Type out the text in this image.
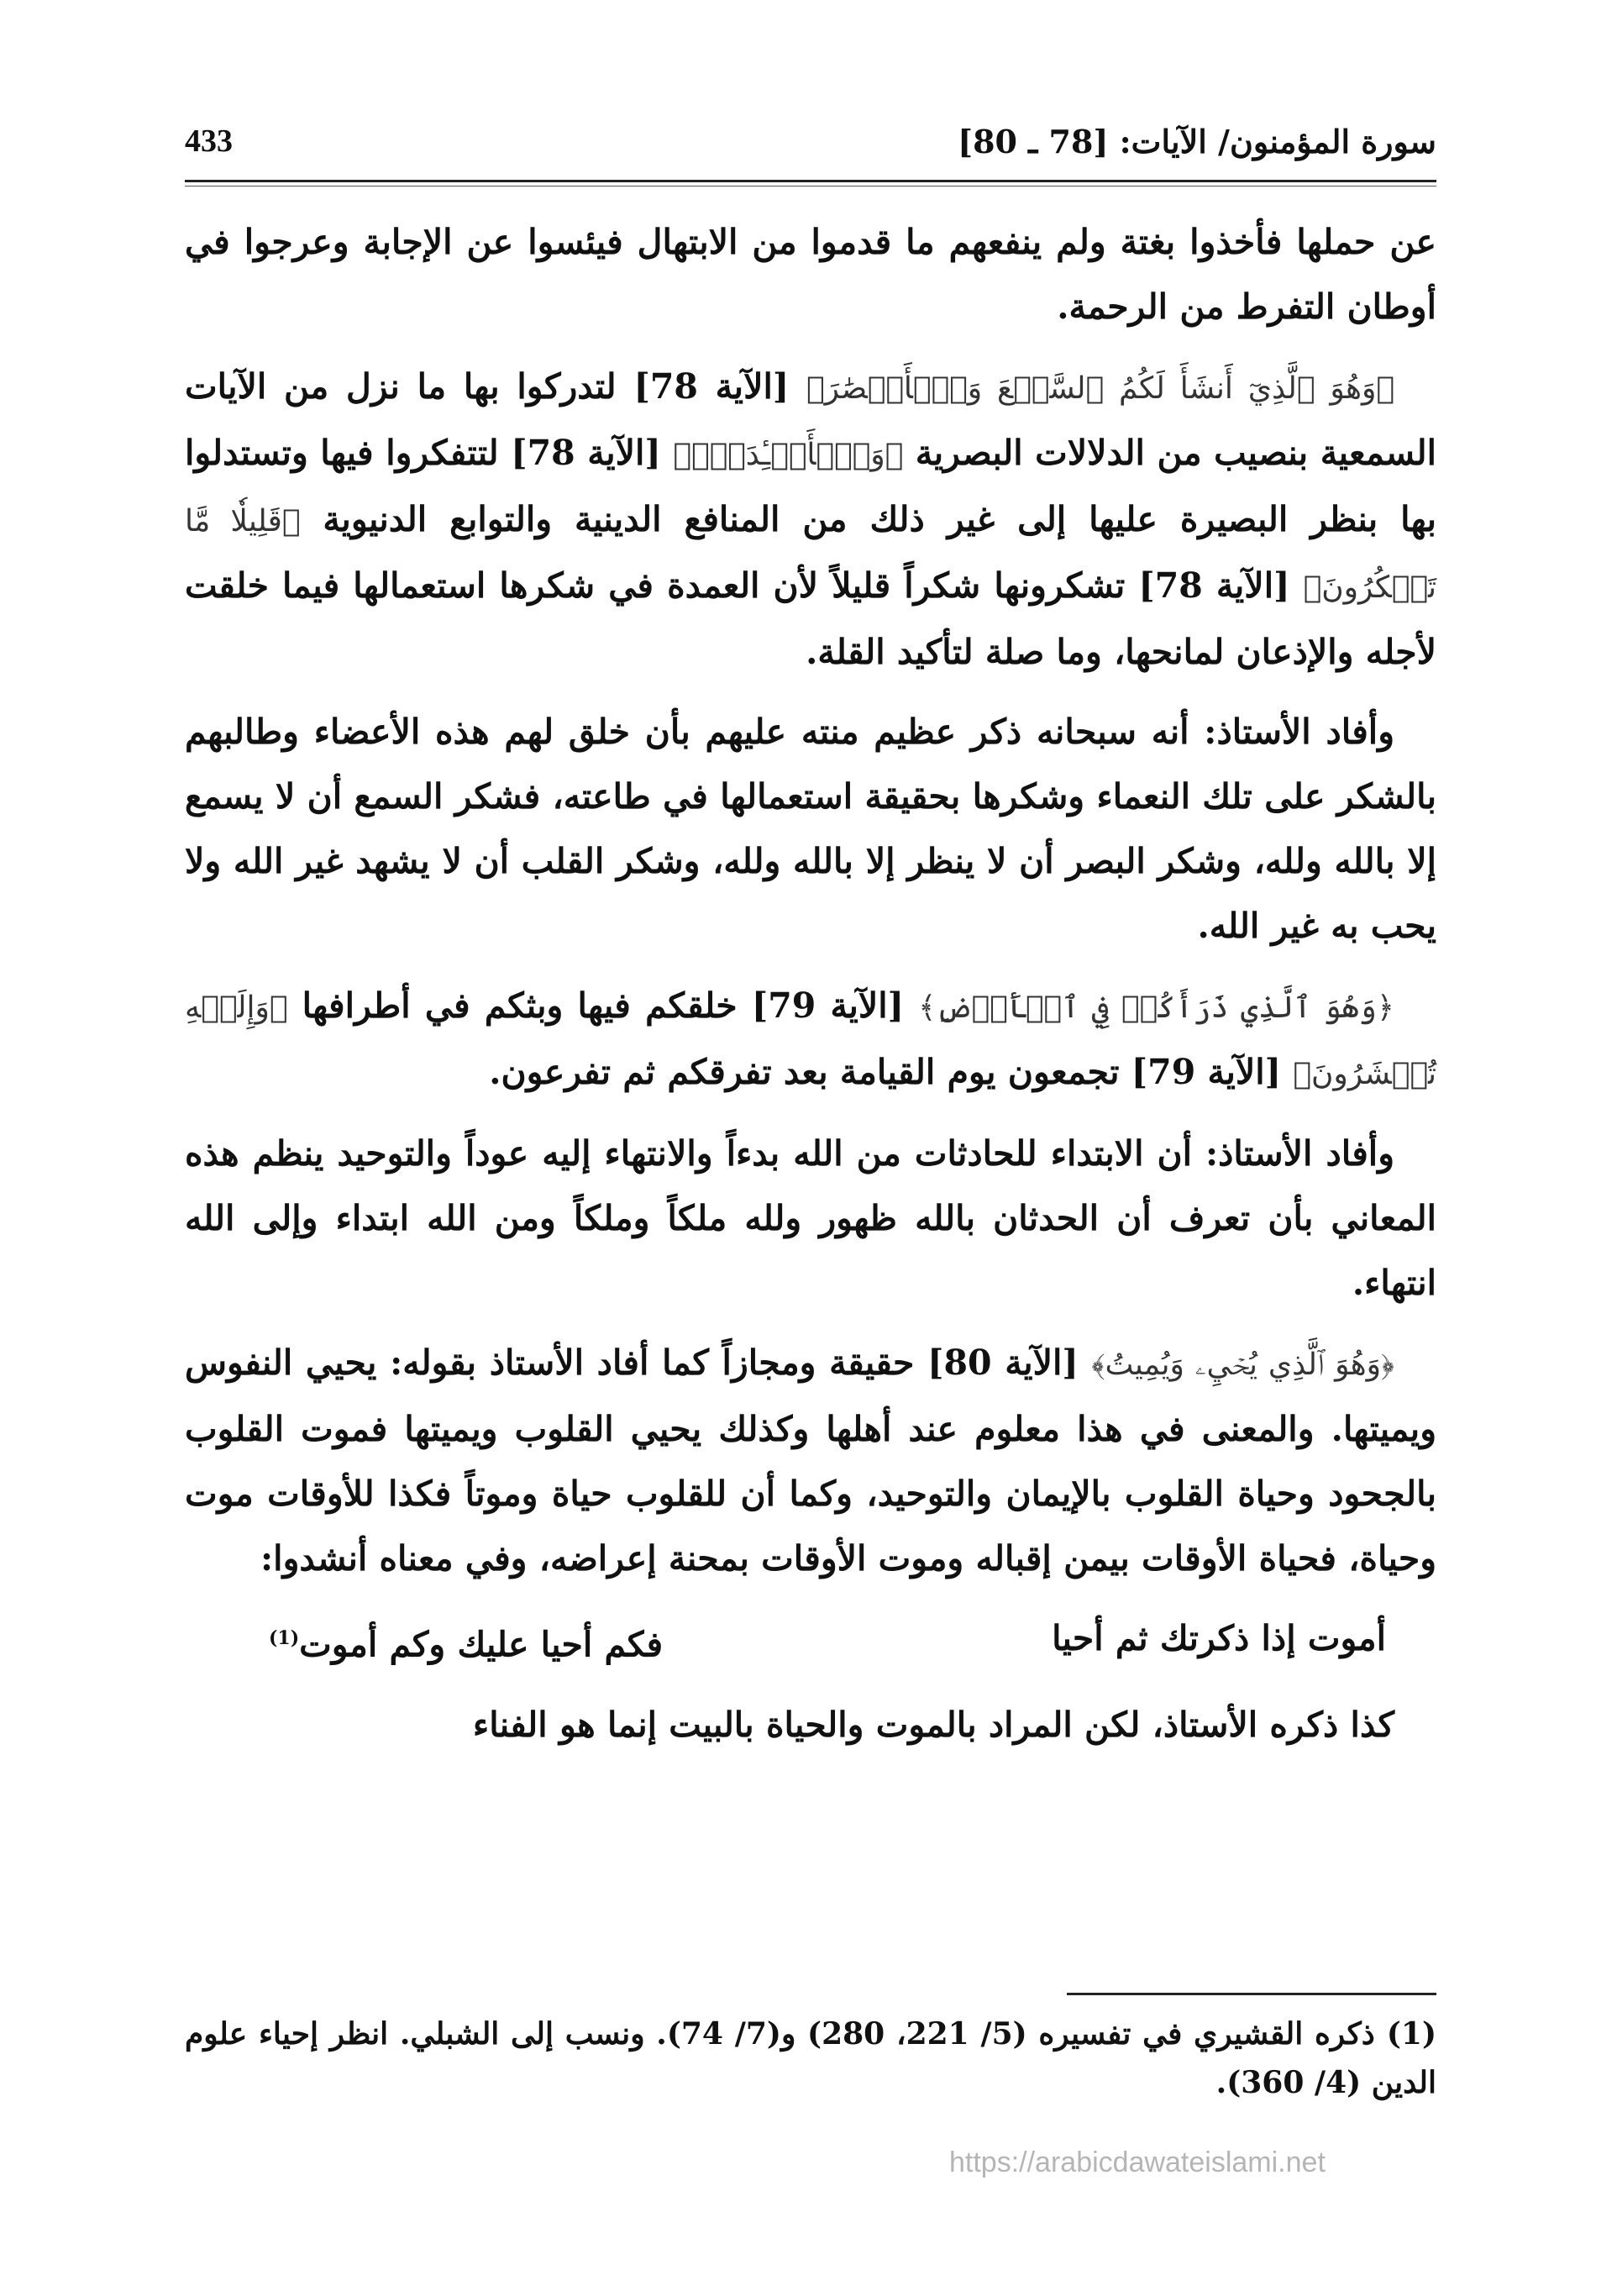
سورة المؤمنون/ الآيات: [78 ـ 80]
433

عن حملها فأخذوا بغتة ولم ينفعهم ما قدموا من الابتهال فيئسوا عن الإجابة وعرجوا في أوطان التفرط من الرحمة.

﴿وَهُوَ ٱلَّذِيٓ أَنشَأَ لَكُمُ ٱلسَّمۡعَ وَٱلۡأَبۡصَٰرَ﴾ [الآية 78] لتدركوا بها ما نزل من الآيات السمعية بنصيب من الدلالات البصرية ﴿وَٱلۡأَفۡـِٔدَةَۚ﴾ [الآية 78] لتتفكروا فيها وتستدلوا بها بنظر البصيرة عليها إلى غير ذلك من المنافع الدينية والتوابع الدنيوية ﴿قَلِيلٗا مَّا تَشۡكُرُونَ﴾ [الآية 78] تشكرونها شكراً قليلاً لأن العمدة في شكرها استعمالها فيما خلقت لأجله والإذعان لمانحها، وما صلة لتأكيد القلة.

وأفاد الأستاذ: أنه سبحانه ذكر عظيم منته عليهم بأن خلق لهم هذه الأعضاء وطالبهم بالشكر على تلك النعماء وشكرها بحقيقة استعمالها في طاعته، فشكر السمع أن لا يسمع إلا بالله ولله، وشكر البصر أن لا ينظر إلا بالله ولله، وشكر القلب أن لا يشهد غير الله ولا يحب به غير الله.

﴿وَهُوَ ٱلَّذِي ذَرَأَكُمۡ فِي ٱلۡأَرۡضِ﴾ [الآية 79] خلقكم فيها وبثكم في أطرافها ﴿وَإِلَيۡهِ تُحۡشَرُونَ﴾ [الآية 79] تجمعون يوم القيامة بعد تفرقكم ثم تفرعون.

وأفاد الأستاذ: أن الابتداء للحادثات من الله بدءاً والانتهاء إليه عوداً والتوحيد ينظم هذه المعاني بأن تعرف أن الحدثان بالله ظهور ولله ملكاً وملكاً ومن الله ابتداء وإلى الله انتهاء.

﴿وَهُوَ ٱلَّذِي يُحۡيِۦ وَيُمِيتُ﴾ [الآية 80] حقيقة ومجازاً كما أفاد الأستاذ بقوله: يحيي النفوس ويميتها. والمعنى في هذا معلوم عند أهلها وكذلك يحيي القلوب ويميتها فموت القلوب بالجحود وحياة القلوب بالإيمان والتوحيد، وكما أن للقلوب حياة وموتاً فكذا للأوقات موت وحياة، فحياة الأوقات بيمن إقباله وموت الأوقات بمحنة إعراضه، وفي معناه أنشدوا:

أموت إذا ذكرتك ثم أحيا
فكم أحيا عليك وكم أموت$^{(1)}$

كذا ذكره الأستاذ، لكن المراد بالموت والحياة بالبيت إنما هو الفناء

(1)ذكره القشيري في تفسيره (5/ 221، 280) و(7/ 74). ونسب إلى الشبلي. انظر إحياء علوم الدين (4/ 360).
https://arabicdawateislami.net
